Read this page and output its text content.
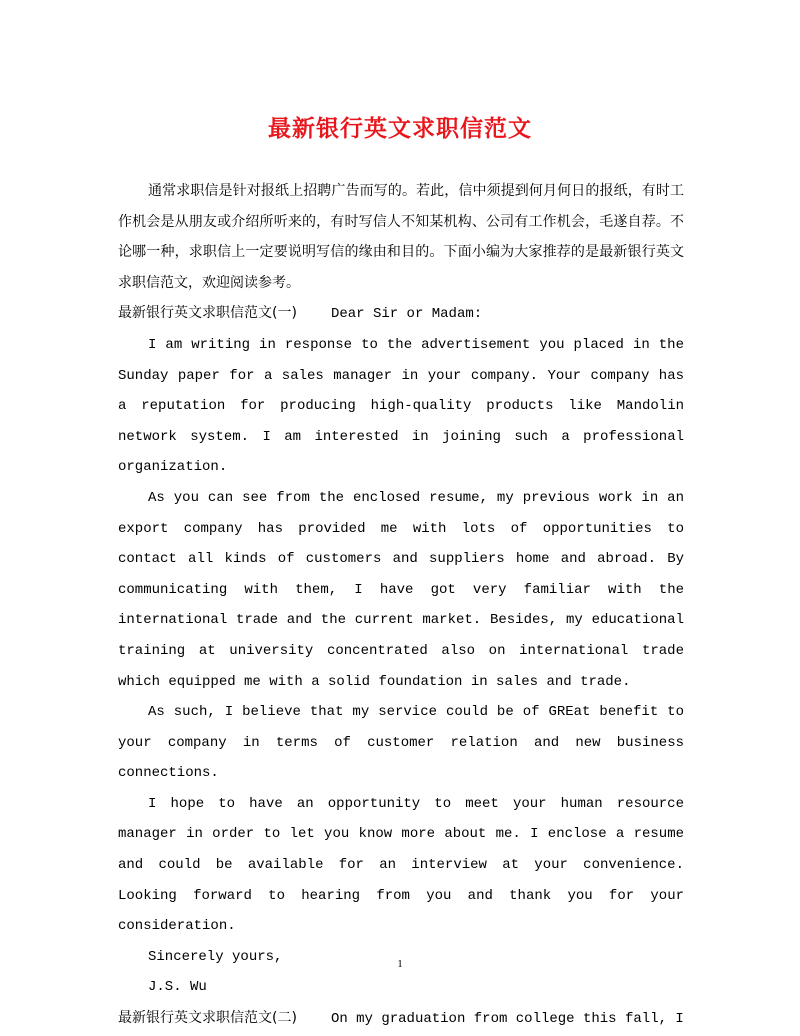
最新银行英文求职信范文

通常求职信是针对报纸上招聘广告而写的。若此，信中须提到何月何日的报纸，有时工作机会是从朋友或介绍所听来的，有时写信人不知某机构、公司有工作机会，毛遂自荐。不论哪一种，求职信上一定要说明写信的缘由和目的。下面小编为大家推荐的是最新银行英文求职信范文，欢迎阅读参考。

最新银行英文求职信范文(一) Dear Sir or Madam:

I am writing in response to the advertisement you placed in the Sunday paper for a sales manager in your company. Your company has a reputation for producing high-quality products like Mandolin network system. I am interested in joining such a professional organization.

As you can see from the enclosed resume, my previous work in an export company has provided me with lots of opportunities to contact all kinds of customers and suppliers home and abroad. By communicating with them, I have got very familiar with the international trade and the current market. Besides, my educational training at university concentrated also on international trade which equipped me with a solid foundation in sales and trade.

As such, I believe that my service could be of GREat benefit to your company in terms of customer relation and new business connections.

I hope to have an opportunity to meet your human resource manager in order to let you know more about me. I enclose a resume and could be available for an interview at your convenience. Looking forward to hearing from you and thank you for your consideration.

Sincerely yours,

J.S. Wu

最新银行英文求职信范文(二) On my graduation from college this fall, I

1
